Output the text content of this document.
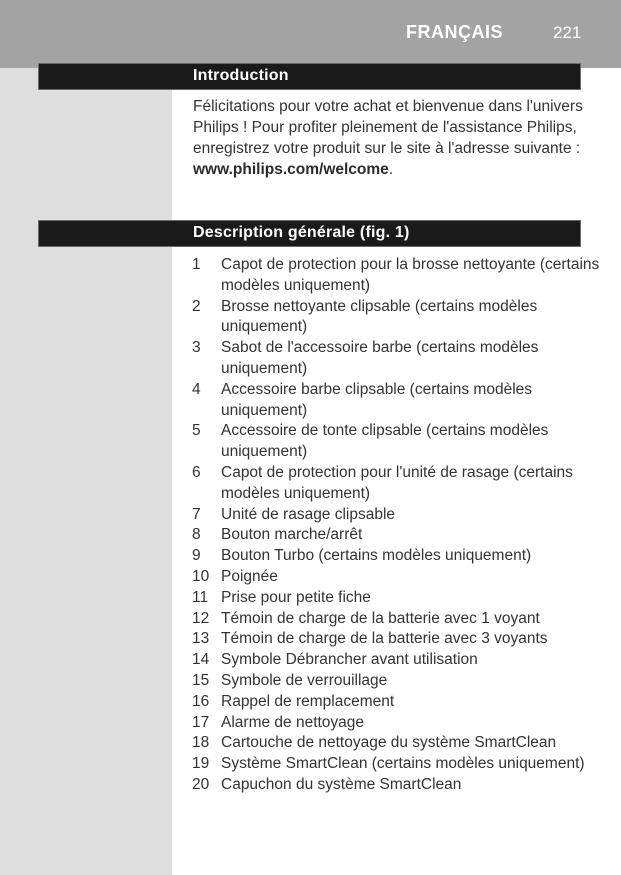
FRANÇAIS	221
Introduction
Félicitations pour votre achat et bienvenue dans l'univers Philips ! Pour profiter pleinement de l'assistance Philips, enregistrez votre produit sur le site à l'adresse suivante : www.philips.com/welcome.
Description générale (fig. 1)
1	Capot de protection pour la brosse nettoyante (certains modèles uniquement)
2	Brosse nettoyante clipsable (certains modèles uniquement)
3	Sabot de l'accessoire barbe (certains modèles uniquement)
4	Accessoire barbe clipsable (certains modèles uniquement)
5	Accessoire de tonte clipsable (certains modèles uniquement)
6	Capot de protection pour l'unité de rasage (certains modèles uniquement)
7	Unité de rasage clipsable
8	Bouton marche/arrêt
9	Bouton Turbo (certains modèles uniquement)
10 Poignée
11 Prise pour petite fiche
12 Témoin de charge de la batterie avec 1 voyant
13 Témoin de charge de la batterie avec 3 voyants
14 Symbole Débrancher avant utilisation
15 Symbole de verrouillage
16 Rappel de remplacement
17 Alarme de nettoyage
18 Cartouche de nettoyage du système SmartClean
19 Système SmartClean (certains modèles uniquement)
20 Capuchon du système SmartClean
